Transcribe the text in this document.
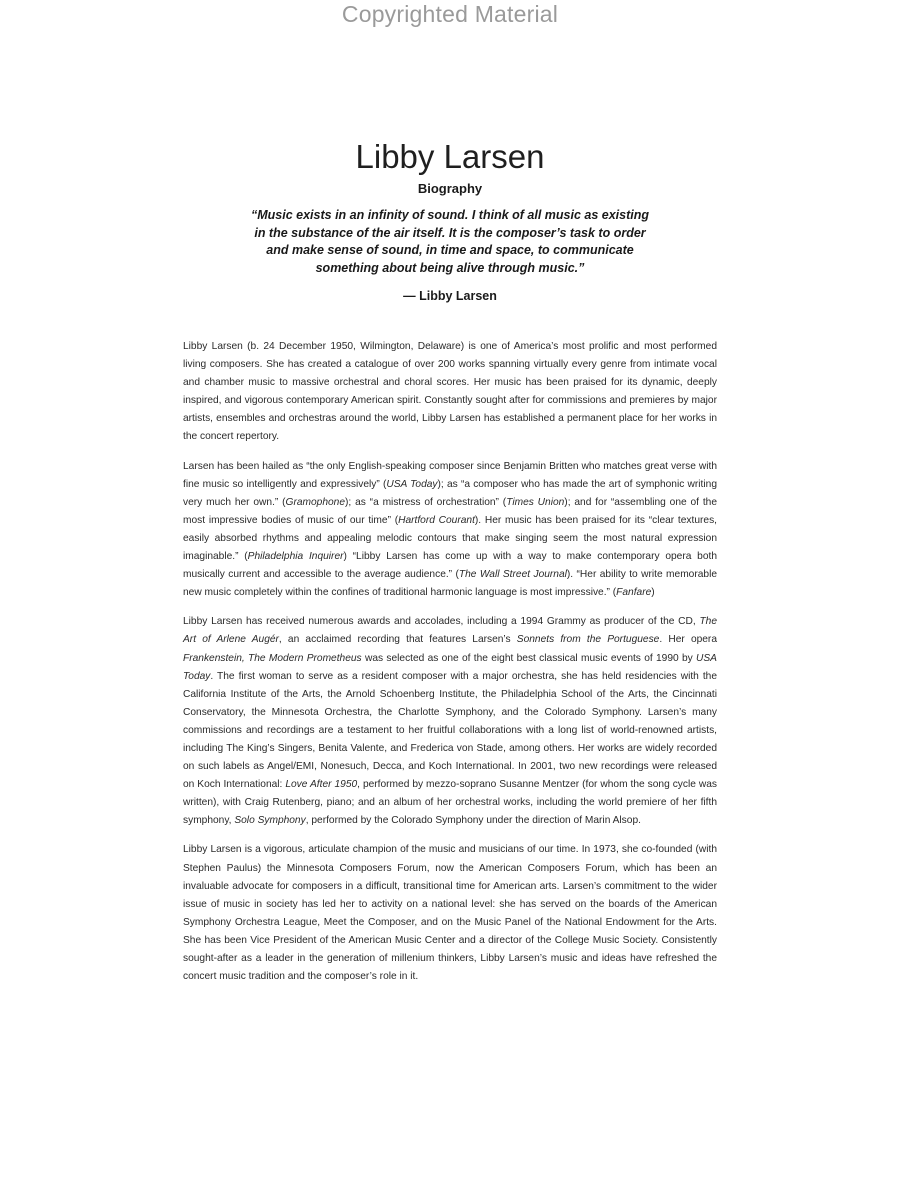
Copyrighted Material
Libby Larsen
Biography
“Music exists in an infinity of sound. I think of all music as existing
in the substance of the air itself. It is the composer’s task to order
and make sense of sound, in time and space, to communicate
something about being alive through music.”
— Libby Larsen

Libby Larsen (b. 24 December 1950, Wilmington, Delaware) is one of America’s most prolific and most performed living composers. She has created a catalogue of over 200 works spanning virtually every genre from intimate vocal and chamber music to massive orchestral and choral scores. Her music has been praised for its dynamic, deeply inspired, and vigorous contemporary American spirit. Constantly sought after for commissions and premieres by major artists, ensembles and orchestras around the world, Libby Larsen has established a permanent place for her works in the concert repertory.

Larsen has been hailed as “the only English-speaking composer since Benjamin Britten who matches great verse with fine music so intelligently and expressively” (USA Today); as “a composer who has made the art of symphonic writing very much her own.” (Gramophone); as “a mistress of orchestration” (Times Union); and for “assembling one of the most impressive bodies of music of our time” (Hartford Courant). Her music has been praised for its “clear textures, easily absorbed rhythms and appealing melodic contours that make singing seem the most natural expression imaginable.” (Philadelphia Inquirer) “Libby Larsen has come up with a way to make contemporary opera both musically current and accessible to the average audience.” (The Wall Street Journal). “Her ability to write memorable new music completely within the confines of traditional harmonic language is most impressive.” (Fanfare)

Libby Larsen has received numerous awards and accolades, including a 1994 Grammy as producer of the CD, The Art of Arlene Augér, an acclaimed recording that features Larsen’s Sonnets from the Portuguese. Her opera Frankenstein, The Modern Prometheus was selected as one of the eight best classical music events of 1990 by USA Today. The first woman to serve as a resident composer with a major orchestra, she has held residencies with the California Institute of the Arts, the Arnold Schoenberg Institute, the Philadelphia School of the Arts, the Cincinnati Conservatory, the Minnesota Orchestra, the Charlotte Symphony, and the Colorado Symphony. Larsen’s many commissions and recordings are a testament to her fruitful collaborations with a long list of world-renowned artists, including The King’s Singers, Benita Valente, and Frederica von Stade, among others. Her works are widely recorded on such labels as Angel/EMI, Nonesuch, Decca, and Koch International. In 2001, two new recordings were released on Koch International: Love After 1950, performed by mezzo-soprano Susanne Mentzer (for whom the song cycle was written), with Craig Rutenberg, piano; and an album of her orchestral works, including the world premiere of her fifth symphony, Solo Symphony, performed by the Colorado Symphony under the direction of Marin Alsop.

Libby Larsen is a vigorous, articulate champion of the music and musicians of our time. In 1973, she co-founded (with Stephen Paulus) the Minnesota Composers Forum, now the American Composers Forum, which has been an invaluable advocate for composers in a difficult, transitional time for American arts. Larsen’s commitment to the wider issue of music in society has led her to activity on a national level: she has served on the boards of the American Symphony Orchestra League, Meet the Composer, and on the Music Panel of the National Endowment for the Arts. She has been Vice President of the American Music Center and a director of the College Music Society. Consistently sought-after as a leader in the generation of millenium thinkers, Libby Larsen’s music and ideas have refreshed the concert music tradition and the composer’s role in it.
